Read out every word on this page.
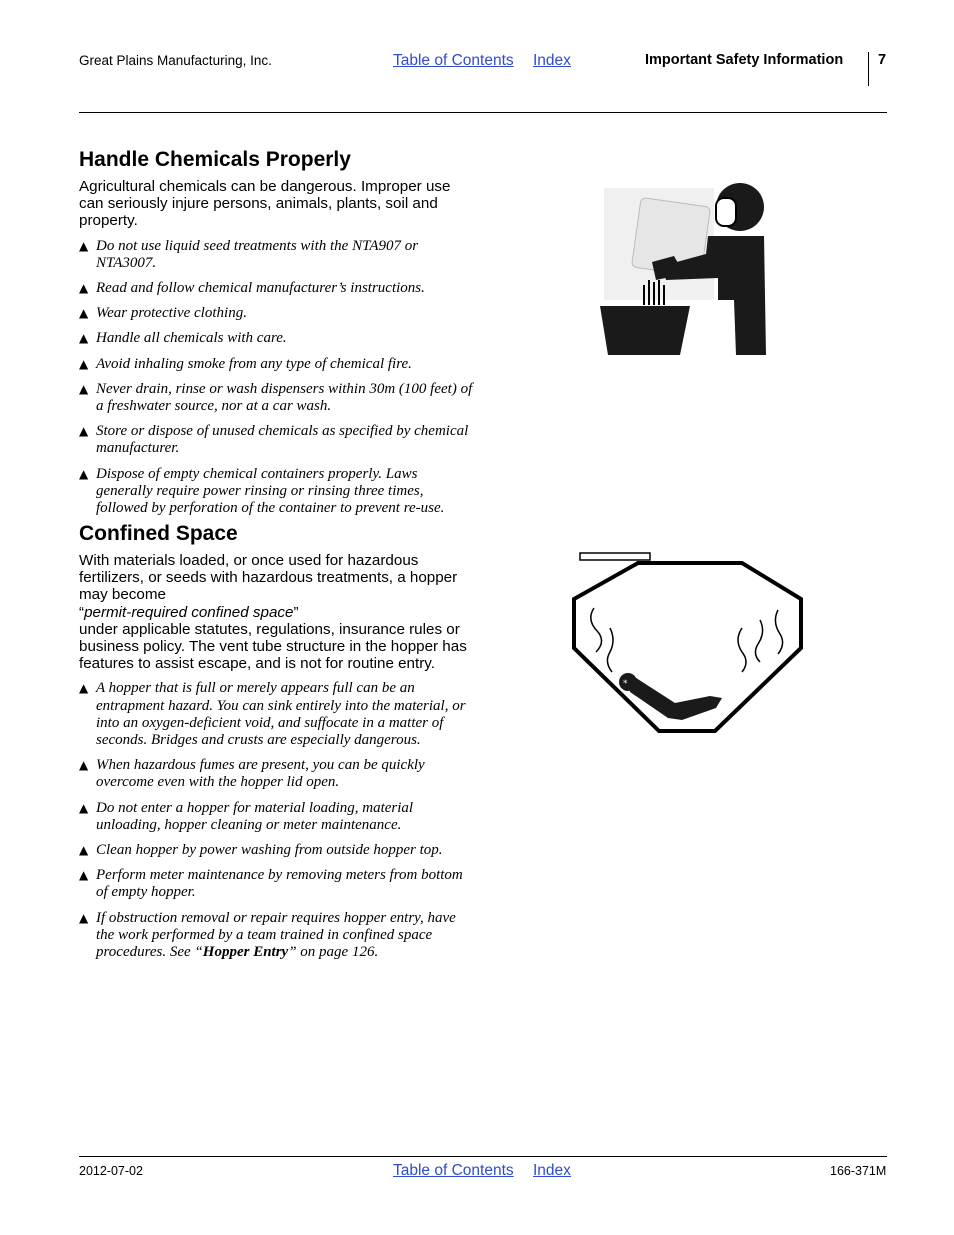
Great Plains Manufacturing, Inc.	Table of Contents Index	Important Safety Information 7
Handle Chemicals Properly

Agricultural chemicals can be dangerous. Improper use can seriously injure persons, animals, plants, soil and property.

▲ Do not use liquid seed treatments with the NTA907 or NTA3007.
▲ Read and follow chemical manufacturer’s instructions.
▲ Wear protective clothing.
▲ Handle all chemicals with care.
▲ Avoid inhaling smoke from any type of chemical fire.
▲ Never drain, rinse or wash dispensers within 30m (100 feet) of a freshwater source, nor at a car wash.
▲ Store or dispose of unused chemicals as specified by chemical manufacturer.
▲ Dispose of empty chemical containers properly. Laws generally require power rinsing or rinsing three times, followed by perforation of the container to prevent re-use.
Confined Space

With materials loaded, or once used for hazardous fertilizers, or seeds with hazardous treatments, a hopper may become

“permit-required confined space”

under applicable statutes, regulations, insurance rules or business policy. The vent tube structure in the hopper has features to assist escape, and is not for routine entry.

▲ A hopper that is full or merely appears full can be an entrapment hazard. You can sink entirely into the material, or into an oxygen-deficient void, and suffocate in a matter of seconds. Bridges and crusts are especially dangerous.
▲ When hazardous fumes are present, you can be quickly overcome even with the hopper lid open.
▲ Do not enter a hopper for material loading, material unloading, hopper cleaning or meter maintenance.
▲ Clean hopper by power washing from outside hopper top.
▲ Perform meter maintenance by removing meters from bottom of empty hopper.
▲ If obstruction removal or repair requires hopper entry, have the work performed by a team trained in confined space procedures. See “Hopper Entry” on page 126.
*
2012-07-02	Table of Contents Index	166-371M
